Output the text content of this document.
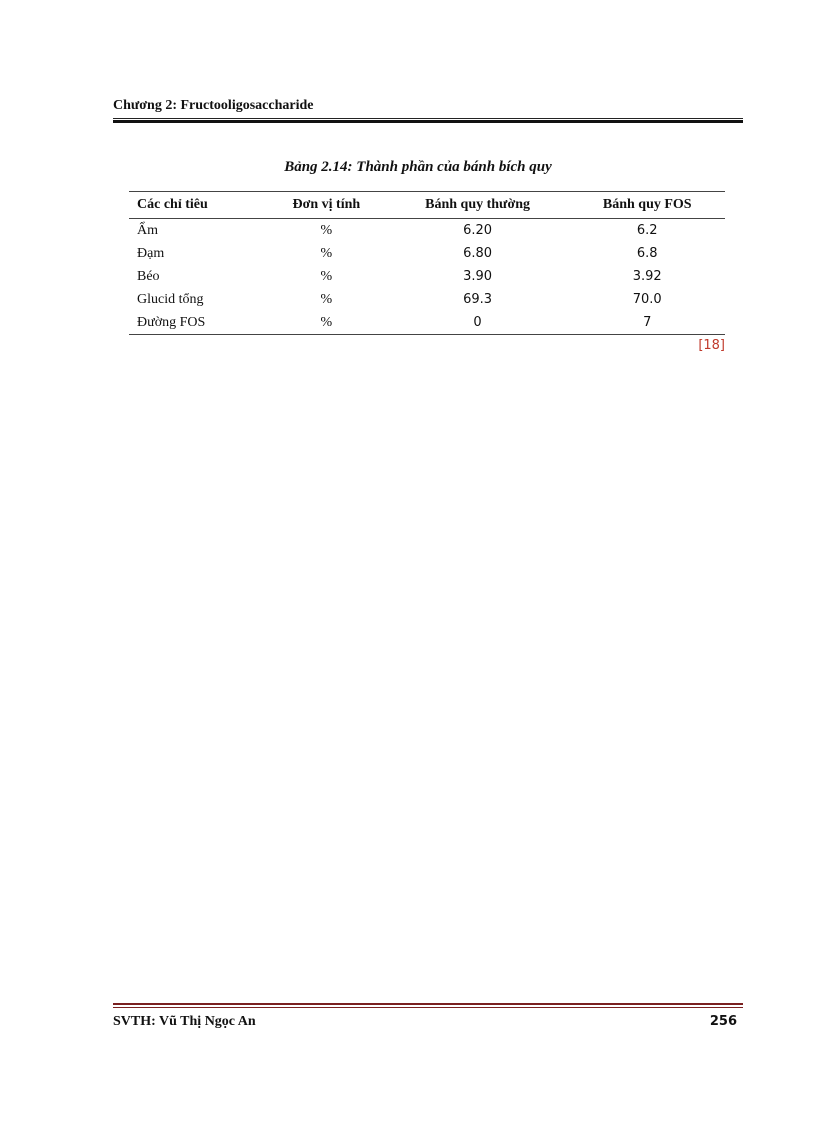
Chương 2: Fructooligosaccharide

Bảng 2.14: Thành phần của bánh bích quy
Các chỉ tiêu	Đơn vị tính	Bánh quy thường	Bánh quy FOS
Ẩm	%	6.20	6.2
Đạm	%	6.80	6.8
Béo	%	3.90	3.92
Glucid tổng	%	69.3	70.0
Đường FOS	%	0	7
[18]
SVTH: Vũ Thị Ngọc An	256
